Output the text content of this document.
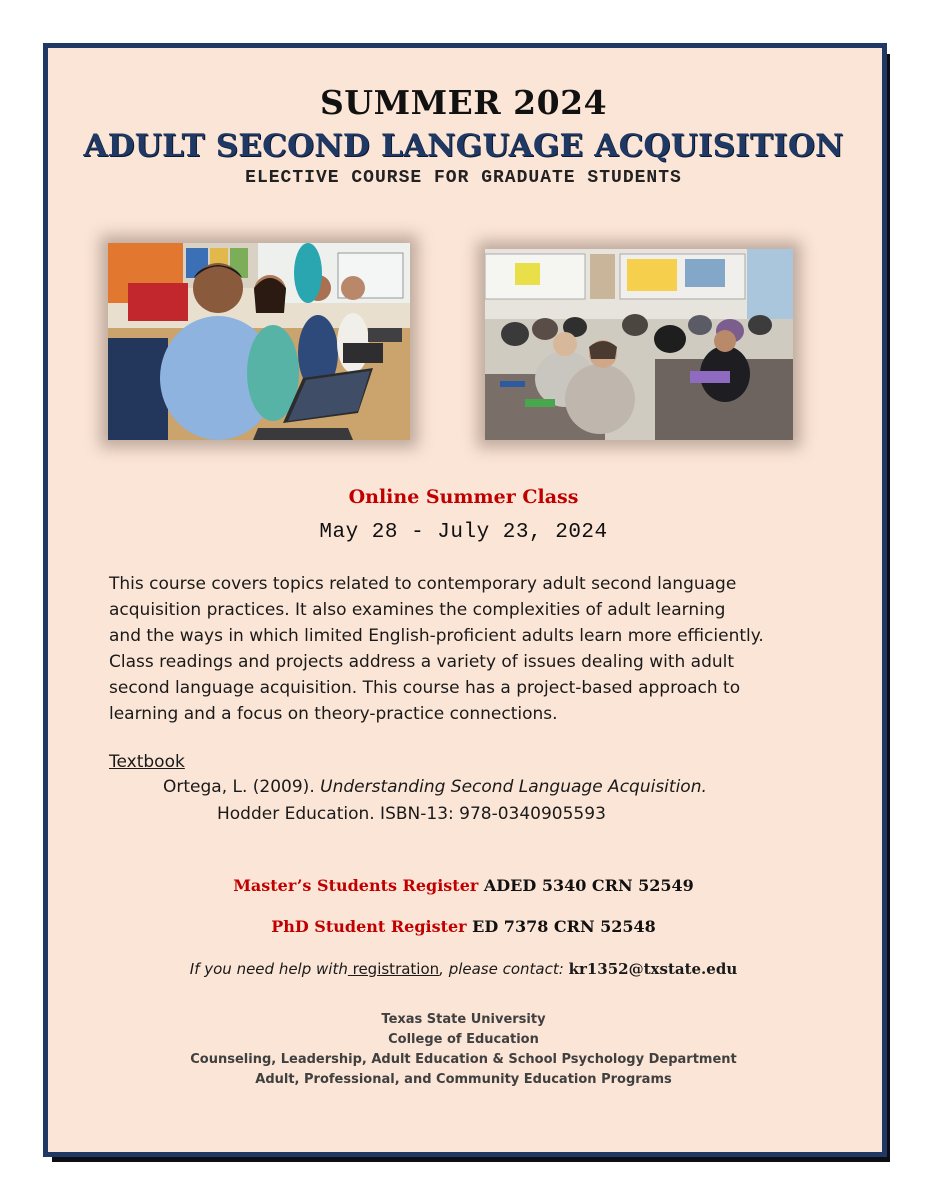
SUMMER 2024
ADULT SECOND LANGUAGE ACQUISITION
ELECTIVE COURSE FOR GRADUATE STUDENTS
Online Summer Class
May 28 - July 23, 2024
This course covers topics related to contemporary adult second language
acquisition practices. It also examines the complexities of adult learning
and the ways in which limited English-proficient adults learn more efficiently.
Class readings and projects address a variety of issues dealing with adult
second language acquisition. This course has a project-based approach to
learning and a focus on theory-practice connections.
Textbook
Ortega, L. (2009). Understanding Second Language Acquisition.
Hodder Education. ISBN-13: 978-0340905593
Master’s Students Register ADED 5340 CRN 52549
PhD Student Register ED 7378 CRN 52548
If you need help with registration, please contact: kr1352@txstate.edu
Texas State University
College of Education
Counseling, Leadership, Adult Education & School Psychology Department
Adult, Professional, and Community Education Programs
